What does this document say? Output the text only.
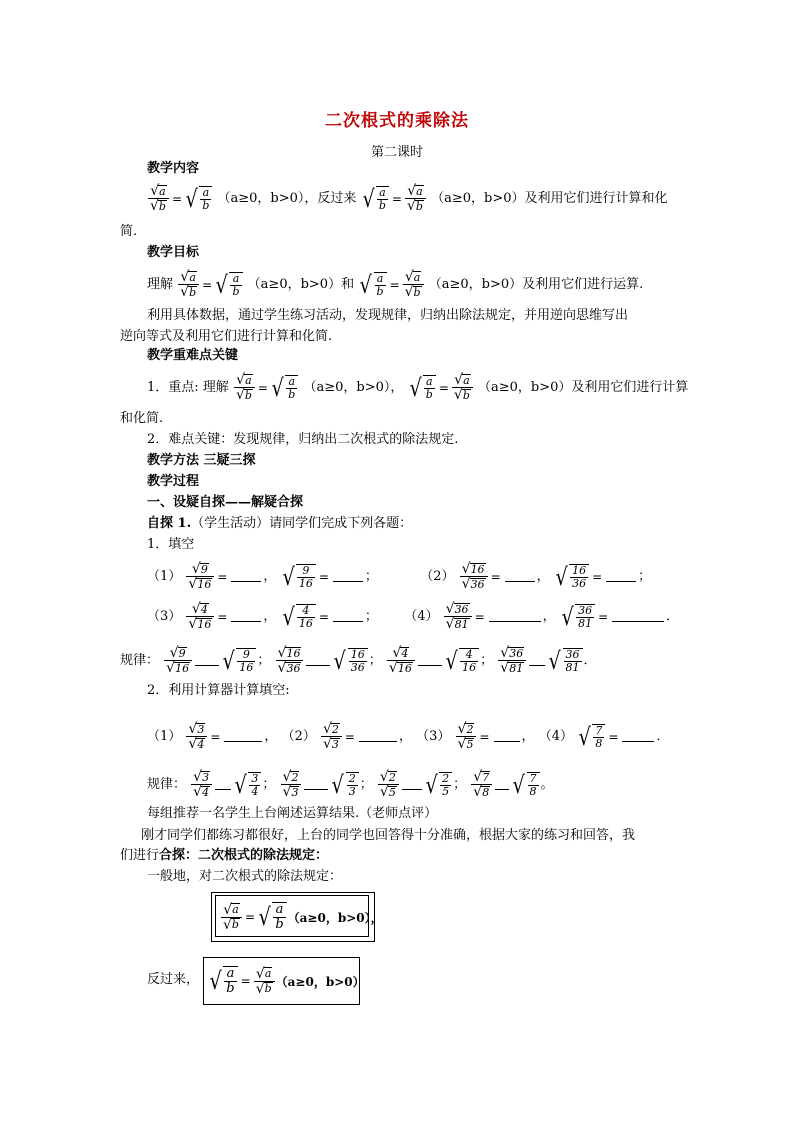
二次根式的乘除法
第二课时
教学内容
$\frac{√ a}{√ b}$ = √ a
b （a≥0，b>0），反过来 √ a
$b = \frac{√ a}{√ b} (a\ge 0$，b>0）及利用它们进行计算和化
简.
教学目标
理解 $\frac{√ a}{√ b}$ = √ a
b （a≥0，b>0）和 √ a
$b = \frac{√ a}{√ b} (a\ge 0$，b>0）及利用它们进行运算.
利用具体数据，通过学生练习活动，发现规律，归纳出除法规定，并用逆向思维写出
逆向等式及利用它们进行计算和化简.
教学重难点关键
1．重点: 理解 $\frac{√ a}{√ b}$ = √ a
b （a≥0，b>0）， √ a
$b = \frac{√ a}{√ b} (a\ge 0$，b>0）及利用它们进行计算
和化简.
2．难点关键：发现规律，归纳出二次根式的除法规定.
教学方法 三疑三探
教学过程
一、设疑自探——解疑合探
自探 1.（学生活动）请同学们完成下列各题：
1．填空
$(1) \frac{√ 9}{√ 16}$ =	，
√ 9
16 =	；	$(2) \frac{√ 16}{√ 36}$ =	，
√ 16
36 =	；
$(3) \frac{√ 4}{√ 16}$ =	，
√ 4
16 =	； $(4) \frac{√ 36}{√ 81}$ =	，
√ 36
81 =	．
规律： √ 9
√ 16 √ 9
16 ；
√ 16
√ 36 √ 16
36 ；
√ 4
√ 16 √ 4
16 ；
√ 36
√ 81 √ 36
81 ．
2．利用计算器计算填空:
$(1) \frac{√ 3}{√ 4}$ =	， $(2) \frac{√ 2}{√ 3}$ =	， $(3) \frac{√ 2}{√ 5}$ = ， （4） √ 7
8 =	．
规律： √ 3
√ 4 √ 3
4 ；
√ 2
√ 3 √ 2
3 ；
√ 2
√ 5 √ 2
5 ；
√ 7
√ 8 √ 7
8 。
每组推荐一名学生上台阐述运算结果.（老师点评）
刚才同学们都练习都很好，上台的同学也回答得十分准确，根据大家的练习和回答，我
们进行合探：二次根式的除法规定：
一般地，对二次根式的除法规定：
$\frac{√ a}{√ b}$ = √ a
b （a≥0，b>0），
反过来， √ a
$b = \frac{√ a}{√ b} (a\ge 0$，b>0）
